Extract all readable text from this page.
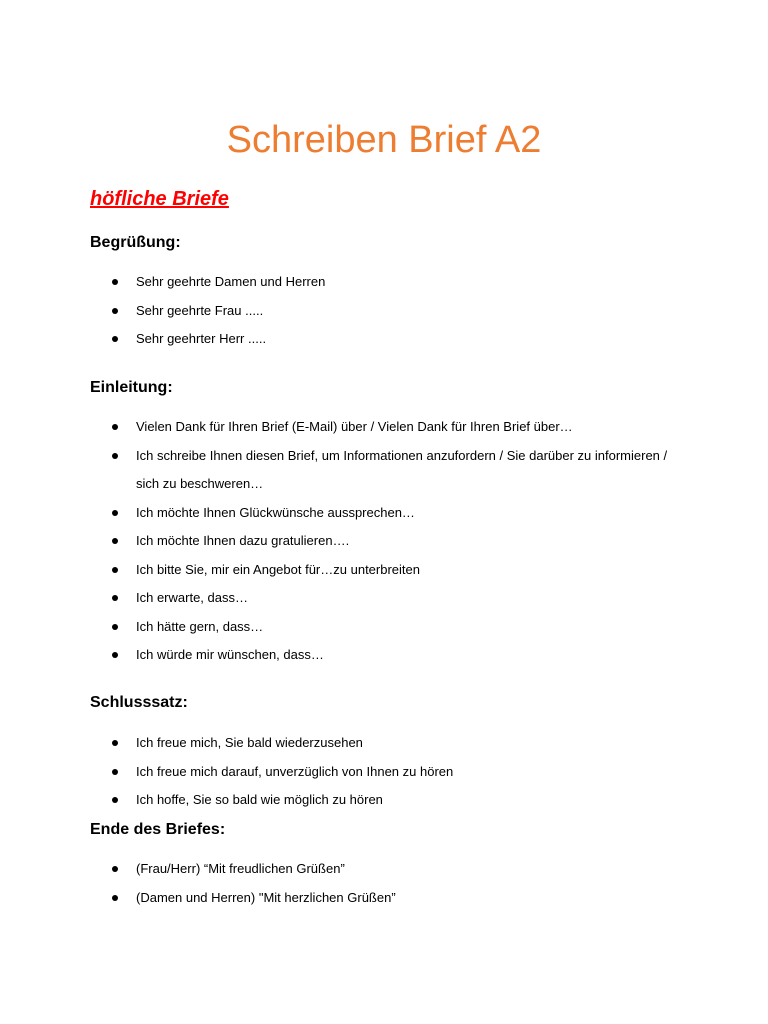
Schreiben Brief A2
höfliche Briefe
Begrüßung:
Sehr geehrte Damen und Herren
Sehr geehrte Frau .....
Sehr geehrter Herr .....
Einleitung:
Vielen Dank für Ihren Brief (E-Mail) über / Vielen Dank für Ihren Brief über…
Ich schreibe Ihnen diesen Brief, um Informationen anzufordern / Sie darüber zu informieren / sich zu beschweren…
Ich möchte Ihnen Glückwünsche aussprechen…
Ich möchte Ihnen dazu gratulieren….
Ich bitte Sie, mir ein Angebot für…zu unterbreiten
Ich erwarte, dass…
Ich hätte gern, dass…
Ich würde mir wünschen, dass…
Schlusssatz:
Ich freue mich, Sie bald wiederzusehen
Ich freue mich darauf, unverzüglich von Ihnen zu hören
Ich hoffe, Sie so bald wie möglich zu hören
Ende des Briefes:
(Frau/Herr) “Mit freudlichen Grüßen”
(Damen und Herren) "Mit herzlichen Grüßen”
